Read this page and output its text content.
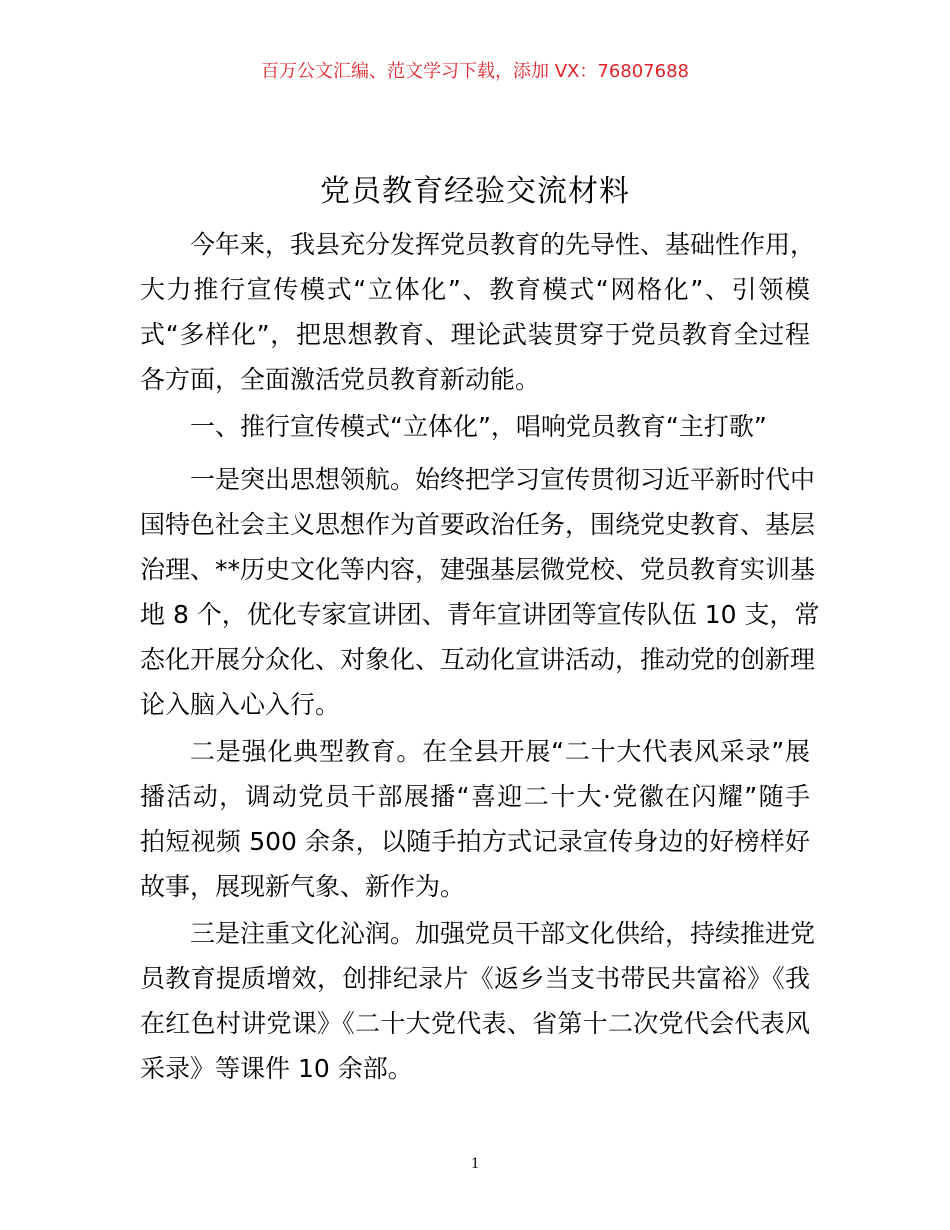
百万公文汇编、范文学习下载，添加 VX：76807688
党员教育经验交流材料
今年来，我县充分发挥党员教育的先导性、基础性作用，
大力推行宣传模式“立体化”、教育模式“网格化”、引领模
式“多样化”，把思想教育、理论武装贯穿于党员教育全过程
各方面，全面激活党员教育新动能。
一、推行宣传模式“立体化”，唱响党员教育“主打歌”
一是突出思想领航。始终把学习宣传贯彻习近平新时代中
国特色社会主义思想作为首要政治任务，围绕党史教育、基层
治理、**历史文化等内容，建强基层微党校、党员教育实训基
地 8 个，优化专家宣讲团、青年宣讲团等宣传队伍 10 支，常
态化开展分众化、对象化、互动化宣讲活动，推动党的创新理
论入脑入心入行。
二是强化典型教育。在全县开展“二十大代表风采录”展
播活动，调动党员干部展播“喜迎二十大·党徽在闪耀”随手
拍短视频 500 余条，以随手拍方式记录宣传身边的好榜样好
故事，展现新气象、新作为。
三是注重文化沁润。加强党员干部文化供给，持续推进党
员教育提质增效，创排纪录片《返乡当支书带民共富裕》《我
在红色村讲党课》《二十大党代表、省第十二次党代会代表风
采录》等课件 10 余部。
1
